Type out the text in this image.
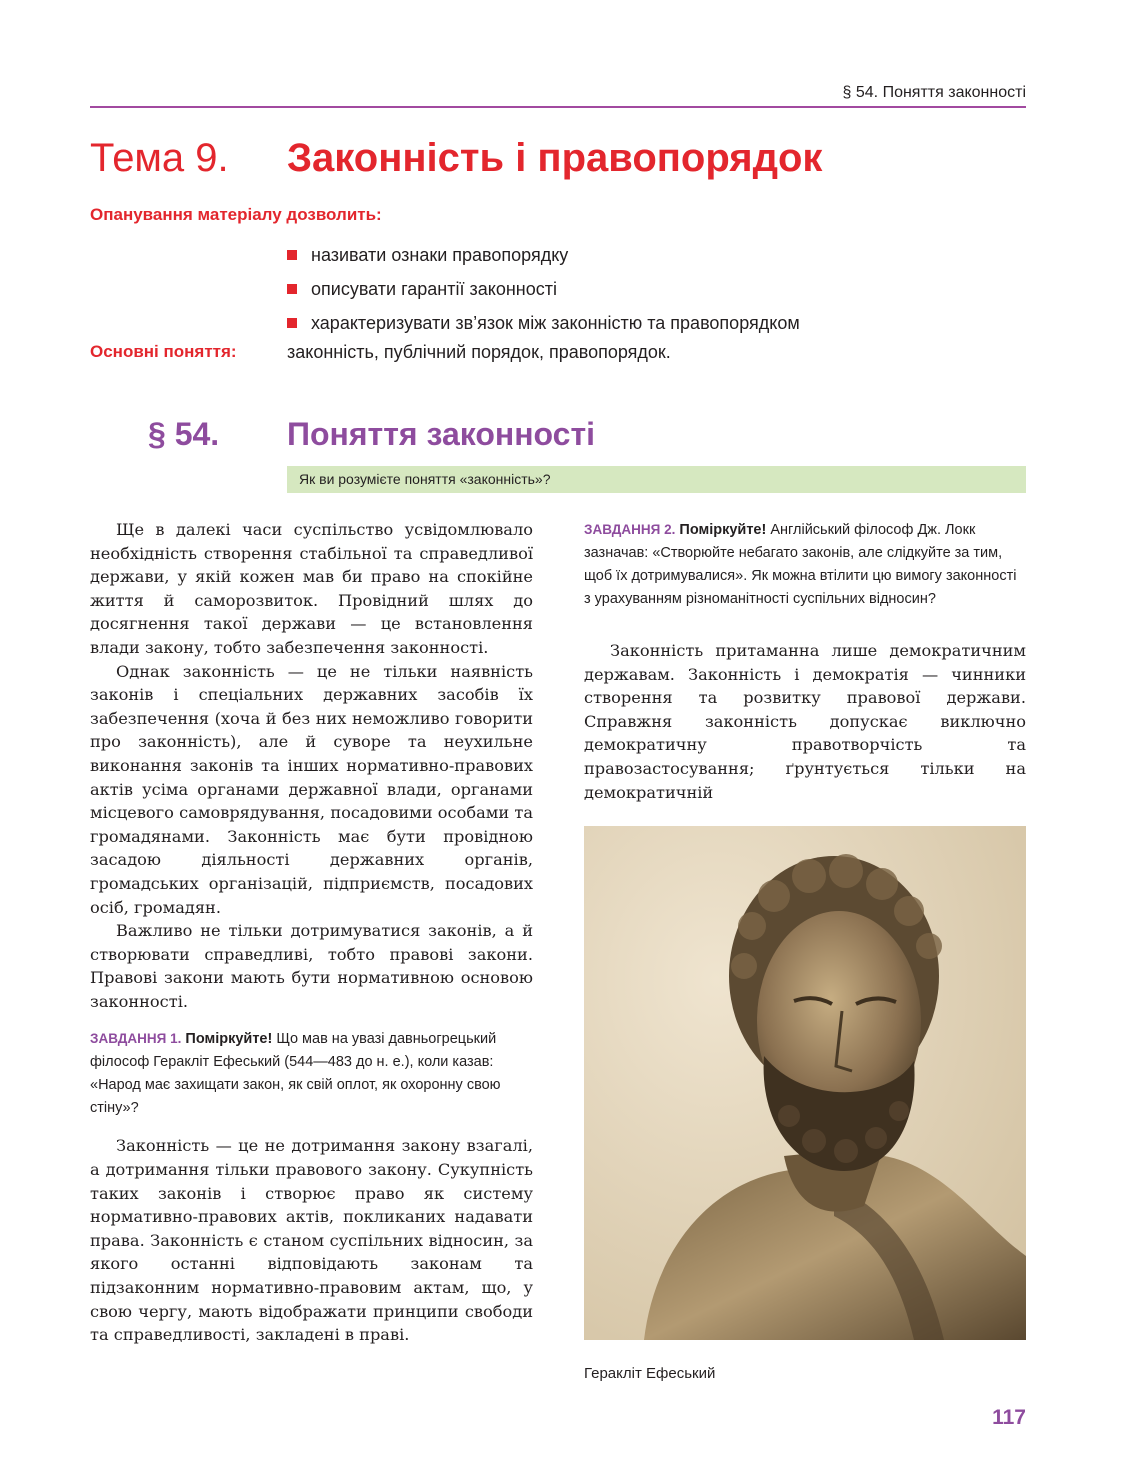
§ 54. Поняття законності
Тема 9. Законність і правопорядок
Опанування матеріалу дозволить:
називати ознаки правопорядку
описувати гарантії законності
характеризувати зв’язок між законністю та правопорядком
Основні поняття:	законність, публічний порядок, правопорядок.
§ 54. Поняття законності
Як ви розумієте поняття «законність»?

Ще в далекі часи суспільство усвідомлювало необхідність створення стабільної та справедливої держави, у якій кожен мав би право на спокійне життя й саморозвиток. Провідний шлях до досягнення такої держави — це встановлення влади закону, тобто забезпечення законності.

Однак законність — це не тільки наявність законів і спеціальних державних засобів їх забезпечення (хоча й без них неможливо говорити про законність), але й суворе та неухильне виконання законів та інших нормативно-правових актів усіма органами державної влади, органами місцевого самоврядування, посадовими особами та громадянами. Законність має бути провідною засадою діяльності державних органів, громадських організацій, підприємств, посадових осіб, громадян.

Важливо не тільки дотримуватися законів, а й створювати справедливі, тобто правові закони. Правові закони мають бути нормативною основою законності.

ЗАВДАННЯ 1. Поміркуйте! Що мав на увазі давньогрецький філософ Геракліт Ефеський (544—483 до н. е.), коли казав: «Народ має захищати закон, як свій оплот, як охоронну свою стіну»?

Законність — це не дотримання закону взагалі, а дотримання тільки правового закону. Сукупність таких законів і створює право як систему нормативно-правових актів, покликаних надавати права. Законність є станом суспільних відносин, за якого останні відповідають законам та підзаконним нормативно-правовим актам, що, у свою чергу, мають відображати принципи свободи та справедливості, закладені в праві.

ЗАВДАННЯ 2. Поміркуйте! Англійський філософ Дж. Локк зазначав: «Створюйте небагато законів, але слідкуйте за тим, щоб їх дотримувалися». Як можна втілити цю вимогу законності з урахуванням різноманітності суспільних відносин?

Законність притаманна лише демократичним державам. Законність і демократія — чинники створення та розвитку правової держави. Справжня законність допускає виключно демократичну правотворчість та правозастосування; ґрунтується тільки на демократичній

Геракліт Ефеський
117
